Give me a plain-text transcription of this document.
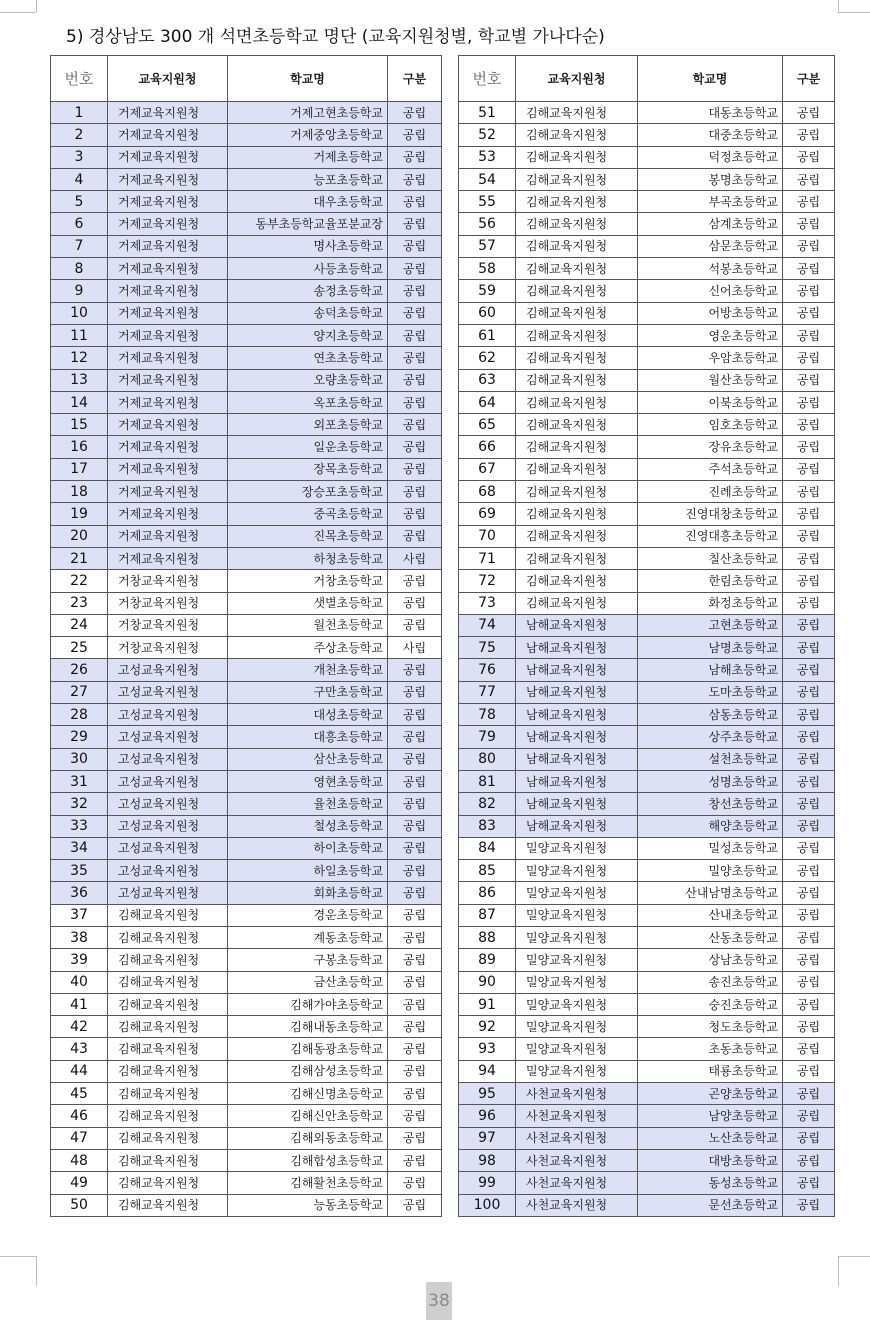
5) 경상남도 300 개 석면초등학교 명단 (교육지원청별, 학교별 가나다순)
번호	교육지원청	학교명	구분
1	거제교육지원청	거제고현초등학교	공립
2	거제교육지원청	거제중앙초등학교	공립
3	거제교육지원청	거제초등학교	공립
4	거제교육지원청	능포초등학교	공립
5	거제교육지원청	대우초등학교	공립
6	거제교육지원청	동부초등학교율포분교장	공립
7	거제교육지원청	명사초등학교	공립
8	거제교육지원청	사등초등학교	공립
9	거제교육지원청	송정초등학교	공립
10	거제교육지원청	송덕초등학교	공립
11	거제교육지원청	양지초등학교	공립
12	거제교육지원청	연초초등학교	공립
13	거제교육지원청	오량초등학교	공립
14	거제교육지원청	옥포초등학교	공립
15	거제교육지원청	외포초등학교	공립
16	거제교육지원청	일운초등학교	공립
17	거제교육지원청	장목초등학교	공립
18	거제교육지원청	장승포초등학교	공립
19	거제교육지원청	중곡초등학교	공립
20	거제교육지원청	진목초등학교	공립
21	거제교육지원청	하청초등학교	사립
22	거창교육지원청	거창초등학교	공립
23	거창교육지원청	샛별초등학교	공립
24	거창교육지원청	월천초등학교	공립
25	거창교육지원청	주상초등학교	사립
26	고성교육지원청	개천초등학교	공립
27	고성교육지원청	구만초등학교	공립
28	고성교육지원청	대성초등학교	공립
29	고성교육지원청	대흥초등학교	공립
30	고성교육지원청	삼산초등학교	공립
31	고성교육지원청	영현초등학교	공립
32	고성교육지원청	율천초등학교	공립
33	고성교육지원청	철성초등학교	공립
34	고성교육지원청	하이초등학교	공립
35	고성교육지원청	하일초등학교	공립
36	고성교육지원청	회화초등학교	공립
37	김해교육지원청	경운초등학교	공립
38	김해교육지원청	계동초등학교	공립
39	김해교육지원청	구봉초등학교	공립
40	김해교육지원청	금산초등학교	공립
41	김해교육지원청	김해가야초등학교	공립
42	김해교육지원청	김해내동초등학교	공립
43	김해교육지원청	김해동광초등학교	공립
44	김해교육지원청	김해삼성초등학교	공립
45	김해교육지원청	김해신명초등학교	공립
46	김해교육지원청	김해신안초등학교	공립
47	김해교육지원청	김해외동초등학교	공립
48	김해교육지원청	김해합성초등학교	공립
49	김해교육지원청	김해활천초등학교	공립
50	김해교육지원청	능동초등학교	공립
번호	교육지원청	학교명	구분
51	김해교육지원청	대동초등학교	공립
52	김해교육지원청	대중초등학교	공립
53	김해교육지원청	덕정초등학교	공립
54	김해교육지원청	봉명초등학교	공립
55	김해교육지원청	부곡초등학교	공립
56	김해교육지원청	삼계초등학교	공립
57	김해교육지원청	삼문초등학교	공립
58	김해교육지원청	석봉초등학교	공립
59	김해교육지원청	신어초등학교	공립
60	김해교육지원청	어방초등학교	공립
61	김해교육지원청	영운초등학교	공립
62	김해교육지원청	우암초등학교	공립
63	김해교육지원청	월산초등학교	공립
64	김해교육지원청	이북초등학교	공립
65	김해교육지원청	임호초등학교	공립
66	김해교육지원청	장유초등학교	공립
67	김해교육지원청	주석초등학교	공립
68	김해교육지원청	진례초등학교	공립
69	김해교육지원청	진영대창초등학교	공립
70	김해교육지원청	진영대흥초등학교	공립
71	김해교육지원청	칠산초등학교	공립
72	김해교육지원청	한림초등학교	공립
73	김해교육지원청	화정초등학교	공립
74	남해교육지원청	고현초등학교	공립
75	남해교육지원청	남명초등학교	공립
76	남해교육지원청	남해초등학교	공립
77	남해교육지원청	도마초등학교	공립
78	남해교육지원청	삼동초등학교	공립
79	남해교육지원청	상주초등학교	공립
80	남해교육지원청	설천초등학교	공립
81	남해교육지원청	성명초등학교	공립
82	남해교육지원청	창선초등학교	공립
83	남해교육지원청	해양초등학교	공립
84	밀양교육지원청	밀성초등학교	공립
85	밀양교육지원청	밀양초등학교	공립
86	밀양교육지원청	산내남명초등학교	공립
87	밀양교육지원청	산내초등학교	공립
88	밀양교육지원청	산동초등학교	공립
89	밀양교육지원청	상남초등학교	공립
90	밀양교육지원청	송진초등학교	공립
91	밀양교육지원청	숭진초등학교	공립
92	밀양교육지원청	청도초등학교	공립
93	밀양교육지원청	초동초등학교	공립
94	밀양교육지원청	태룡초등학교	공립
95	사천교육지원청	곤양초등학교	공립
96	사천교육지원청	남양초등학교	공립
97	사천교육지원청	노산초등학교	공립
98	사천교육지원청	대방초등학교	공립
99	사천교육지원청	동성초등학교	공립
100	사천교육지원청	문선초등학교	공립
38
